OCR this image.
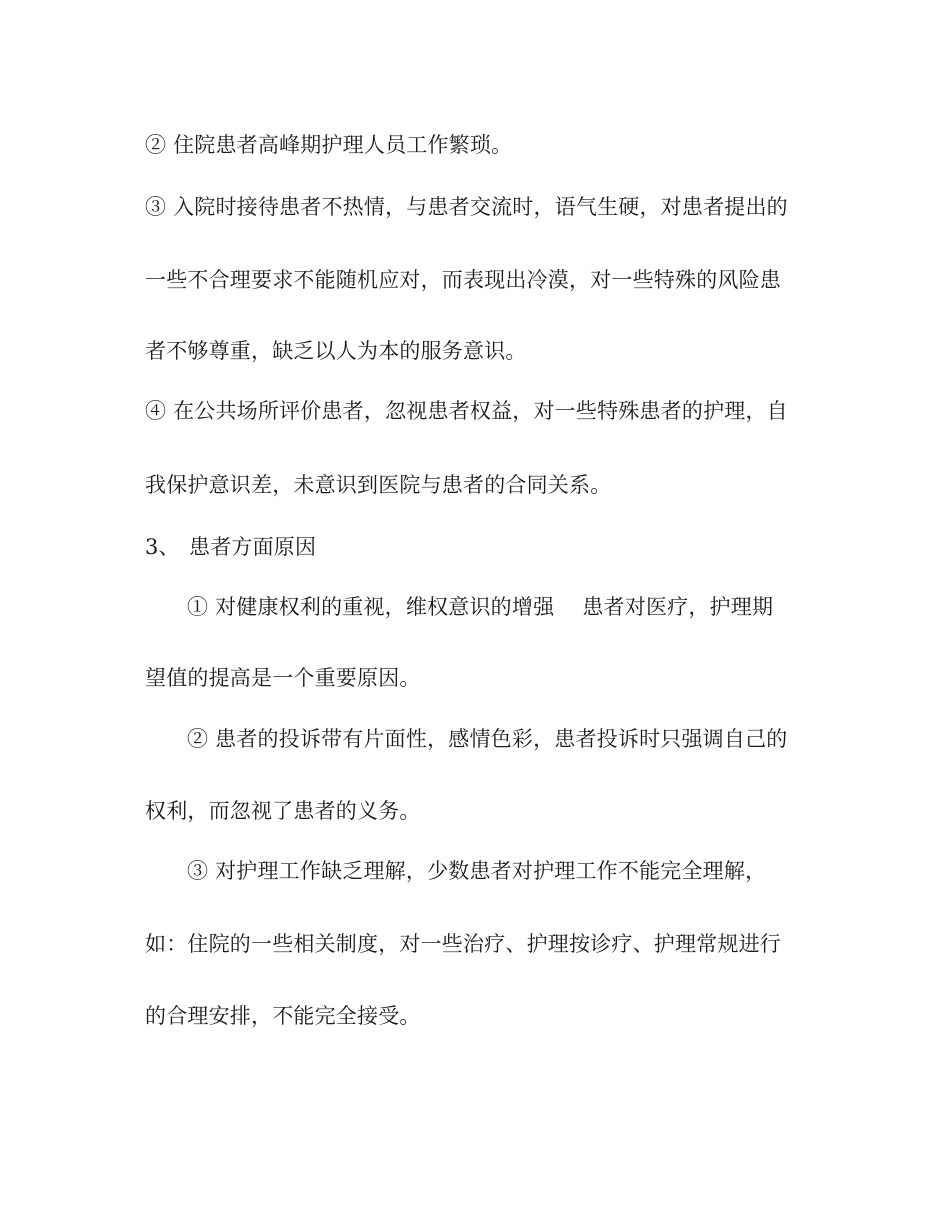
② 住院患者高峰期护理人员工作繁琐。
③ 入院时接待患者不热情，与患者交流时，语气生硬，对患者提出的
一些不合理要求不能随机应对，而表现出冷漠，对一些特殊的风险患
者不够尊重，缺乏以人为本的服务意识。
④ 在公共场所评价患者，忽视患者权益，对一些特殊患者的护理，自
我保护意识差，未意识到医院与患者的合同关系。
3、 患者方面原因
① 对健康权利的重视，维权意识的增强　 患者对医疗，护理期
望值的提高是一个重要原因。
② 患者的投诉带有片面性，感情色彩，患者投诉时只强调自己的
权利，而忽视了患者的义务。
③ 对护理工作缺乏理解，少数患者对护理工作不能完全理解，
如：住院的一些相关制度，对一些治疗、护理按诊疗、护理常规进行
的合理安排，不能完全接受。
